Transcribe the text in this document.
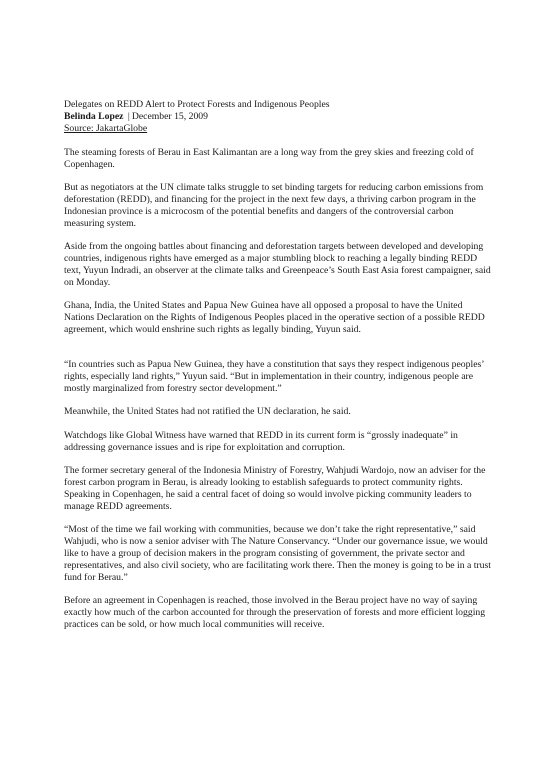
Delegates on REDD Alert to Protect Forests and Indigenous Peoples
Belinda Lopez | December 15, 2009
Source: JakartaGlobe

The steaming forests of Berau in East Kalimantan are a long way from the grey skies and freezing cold of Copenhagen.

But as negotiators at the UN climate talks struggle to set binding targets for reducing carbon emissions from deforestation (REDD), and financing for the project in the next few days, a thriving carbon program in the Indonesian province is a microcosm of the potential benefits and dangers of the controversial carbon measuring system.

Aside from the ongoing battles about financing and deforestation targets between developed and developing countries, indigenous rights have emerged as a major stumbling block to reaching a legally binding REDD text, Yuyun Indradi, an observer at the climate talks and Greenpeace’s South East Asia forest campaigner, said on Monday.

Ghana, India, the United States and Papua New Guinea have all opposed a proposal to have the United Nations Declaration on the Rights of Indigenous Peoples placed in the operative section of a possible REDD agreement, which would enshrine such rights as legally binding, Yuyun said.

“In countries such as Papua New Guinea, they have a constitution that says they respect indigenous peoples’ rights, especially land rights,” Yuyun said. “But in implementation in their country, indigenous people are mostly marginalized from forestry sector development.”

Meanwhile, the United States had not ratified the UN declaration, he said.

Watchdogs like Global Witness have warned that REDD in its current form is “grossly inadequate” in addressing governance issues and is ripe for exploitation and corruption.

The former secretary general of the Indonesia Ministry of Forestry, Wahjudi Wardojo, now an adviser for the forest carbon program in Berau, is already looking to establish safeguards to protect community rights. Speaking in Copenhagen, he said a central facet of doing so would involve picking community leaders to manage REDD agreements.

“Most of the time we fail working with communities, because we don’t take the right representative,” said Wahjudi, who is now a senior adviser with The Nature Conservancy. “Under our governance issue, we would like to have a group of decision makers in the program consisting of government, the private sector and representatives, and also civil society, who are facilitating work there. Then the money is going to be in a trust fund for Berau.”

Before an agreement in Copenhagen is reached, those involved in the Berau project have no way of saying exactly how much of the carbon accounted for through the preservation of forests and more efficient logging practices can be sold, or how much local communities will receive.
